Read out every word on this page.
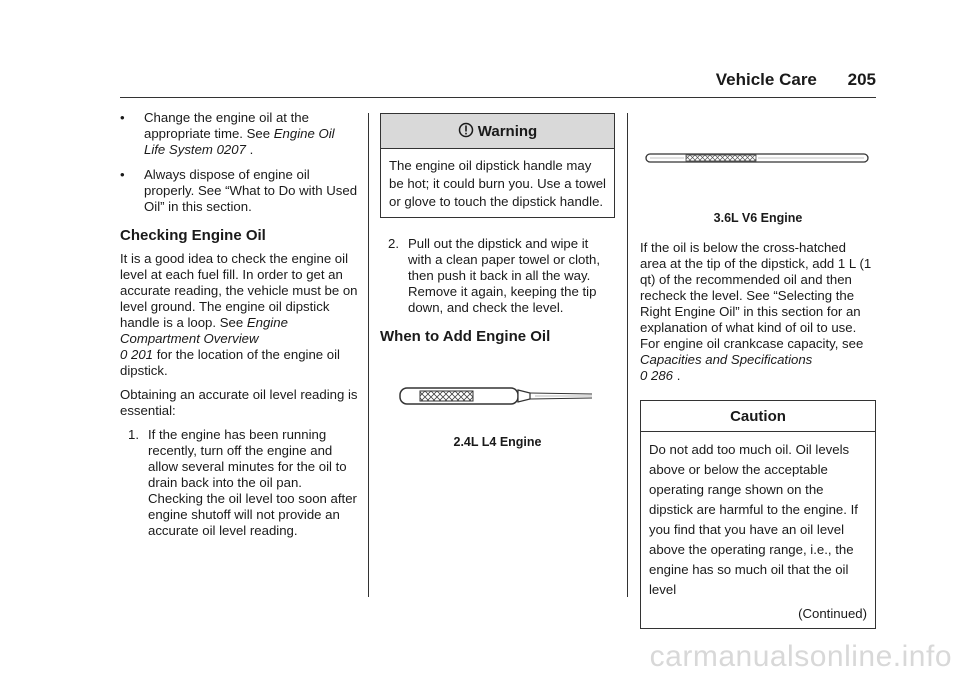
Vehicle Care 205
• Change the engine oil at the appropriate time. See Engine Oil Life System 0207 .
• Always dispose of engine oil properly. See “What to Do with Used Oil” in this section.
Checking Engine Oil

It is a good idea to check the engine oil level at each fuel fill. In order to get an accurate reading, the vehicle must be on level ground. The engine oil dipstick handle is a loop. See Engine Compartment Overview
0 201 for the location of the engine oil dipstick.

Obtaining an accurate oil level reading is essential:

1. If the engine has been running recently, turn off the engine and allow several minutes for the oil to drain back into the oil pan. Checking the oil level too soon after engine shutoff will not provide an accurate oil level reading.
Warning
The engine oil dipstick handle may be hot; it could burn you. Use a towel or glove to touch the dipstick handle.
2. Pull out the dipstick and wipe it with a clean paper towel or cloth, then push it back in all the way. Remove it again, keeping the tip down, and check the level.
When to Add Engine Oil
2.4L L4 Engine
3.6L V6 Engine

If the oil is below the cross-hatched area at the tip of the dipstick, add 1 L (1 qt) of the recommended oil and then recheck the level. See “Selecting the Right Engine Oil” in this section for an explanation of what kind of oil to use. For engine oil crankcase capacity, see Capacities and Specifications
0 286 .

Caution
Do not add too much oil. Oil levels above or below the acceptable operating range shown on the dipstick are harmful to the engine. If you find that you have an oil level above the operating range, i.e., the engine has so much oil that the oil level
(Continued)
carmanualsonline.info
